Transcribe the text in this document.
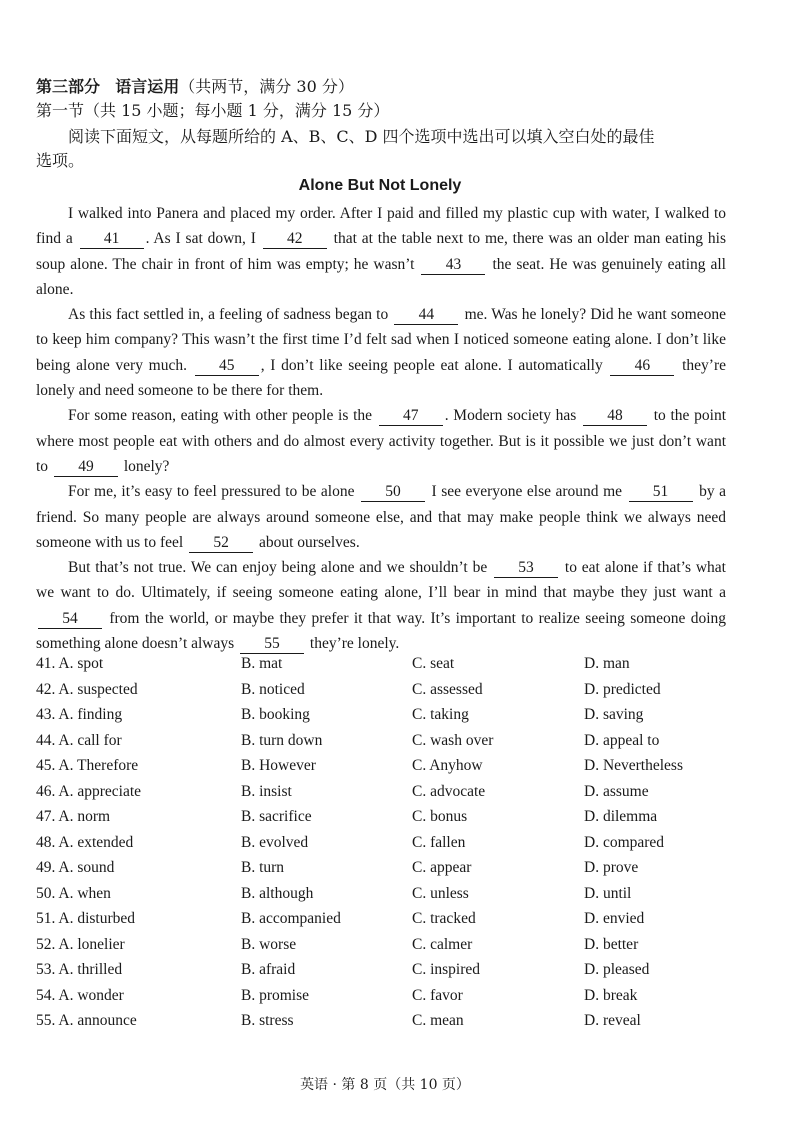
第三部分 语言运用（共两节，满分 30 分）
第一节（共 15 小题；每小题 1 分，满分 15 分）
阅读下面短文，从每题所给的 A、B、C、D 四个选项中选出可以填入空白处的最佳
选项。
Alone But Not Lonely

I walked into Panera and placed my order. After I paid and filled my plastic cup with water, I walked to find a 41 . As I sat down, I 42 that at the table next to me, there was an older man eating his soup alone. The chair in front of him was empty; he wasn’t 43 the seat. He was genuinely eating all alone.

As this fact settled in, a feeling of sadness began to 44 me. Was he lonely? Did he want someone to keep him company? This wasn’t the first time I’d felt sad when I noticed someone eating alone. I don’t like being alone very much. 45 , I don’t like seeing people eat alone. I automatically 46 they’re lonely and need someone to be there for them.

For some reason, eating with other people is the 47 . Modern society has 48 to the point where most people eat with others and do almost every activity together. But is it possible we just don’t want to 49 lonely?

For me, it’s easy to feel pressured to be alone 50 I see everyone else around me 51 by a friend. So many people are always around someone else, and that may make people think we always need someone with us to feel 52 about ourselves.

But that’s not true. We can enjoy being alone and we shouldn’t be 53 to eat alone if that’s what we want to do. Ultimately, if seeing someone eating alone, I’ll bear in mind that maybe they just want a 54 from the world, or maybe they prefer it that way. It’s important to realize seeing someone doing something alone doesn’t always 55 they’re lonely.

41. A. spot	B. mat	C. seat	D. man
42. A. suspected	B. noticed	C. assessed	D. predicted
43. A. finding	B. booking	C. taking	D. saving
44. A. call for	B. turn down	C. wash over	D. appeal to
45. A. Therefore	B. However	C. Anyhow	D. Nevertheless
46. A. appreciate	B. insist	C. advocate	D. assume
47. A. norm	B. sacrifice	C. bonus	D. dilemma
48. A. extended	B. evolved	C. fallen	D. compared
49. A. sound	B. turn	C. appear	D. prove
50. A. when	B. although	C. unless	D. until
51. A. disturbed	B. accompanied	C. tracked	D. envied
52. A. lonelier	B. worse	C. calmer	D. better
53. A. thrilled	B. afraid	C. inspired	D. pleased
54. A. wonder	B. promise	C. favor	D. break
55. A. announce	B. stress	C. mean	D. reveal
英语 · 第 8 页（共 10 页）
